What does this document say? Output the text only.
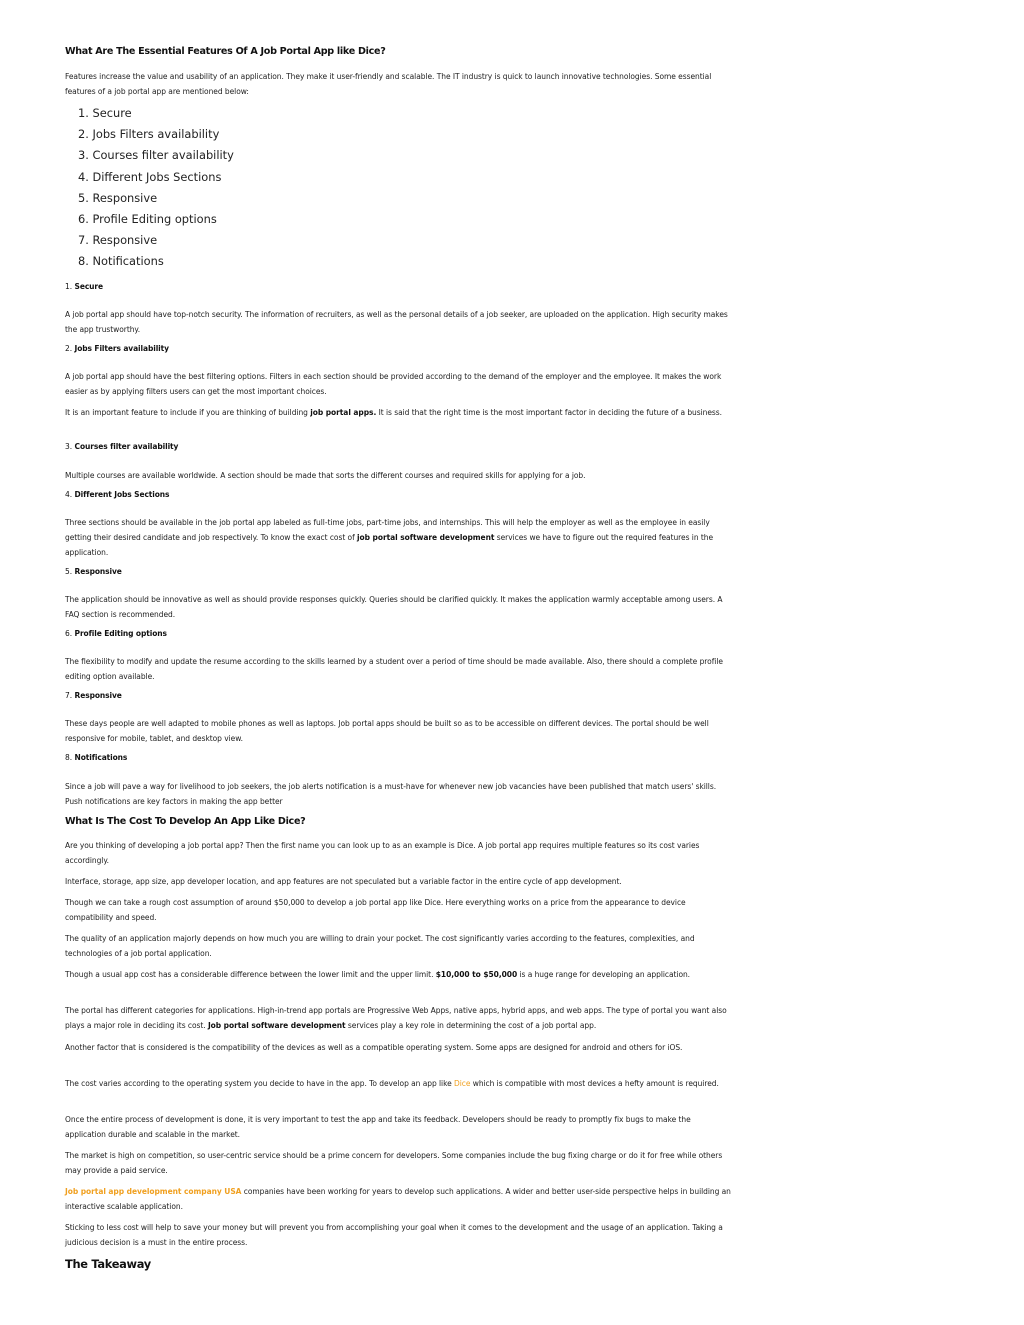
What Are The Essential Features Of A Job Portal App like Dice?

Features increase the value and usability of an application. They make it user-friendly and scalable. The IT industry is quick to launch innovative technologies. Some essential features of a job portal app are mentioned below:

1. Secure
2. Jobs Filters availability
3. Courses filter availability
4. Different Jobs Sections
5. Responsive
6. Profile Editing options
7. Responsive
8. Notifications
1. Secure

A job portal app should have top-notch security. The information of recruiters, as well as the personal details of a job seeker, are uploaded on the application. High security makes the app trustworthy.

2. Jobs Filters availability

A job portal app should have the best filtering options. Filters in each section should be provided according to the demand of the employer and the employee. It makes the work easier as by applying filters users can get the most important choices.

It is an important feature to include if you are thinking of building job portal apps. It is said that the right time is the most important factor in deciding the future of a business.

3. Courses filter availability

Multiple courses are available worldwide. A section should be made that sorts the different courses and required skills for applying for a job.

4. Different Jobs Sections

Three sections should be available in the job portal app labeled as full-time jobs, part-time jobs, and internships. This will help the employer as well as the employee in easily getting their desired candidate and job respectively. To know the exact cost of job portal software development services we have to figure out the required features in the application.

5. Responsive

The application should be innovative as well as should provide responses quickly. Queries should be clarified quickly. It makes the application warmly acceptable among users. A FAQ section is recommended.

6. Profile Editing options

The flexibility to modify and update the resume according to the skills learned by a student over a period of time should be made available. Also, there should a complete profile editing option available.

7. Responsive

These days people are well adapted to mobile phones as well as laptops. Job portal apps should be built so as to be accessible on different devices. The portal should be well responsive for mobile, tablet, and desktop view.

8. Notifications

Since a job will pave a way for livelihood to job seekers, the job alerts notification is a must-have for whenever new job vacancies have been published that match users' skills. Push notifications are key factors in making the app better

What Is The Cost To Develop An App Like Dice?

Are you thinking of developing a job portal app? Then the first name you can look up to as an example is Dice. A job portal app requires multiple features so its cost varies accordingly.

Interface, storage, app size, app developer location, and app features are not speculated but a variable factor in the entire cycle of app development.

Though we can take a rough cost assumption of around $50,000 to develop a job portal app like Dice. Here everything works on a price from the appearance to device compatibility and speed.

The quality of an application majorly depends on how much you are willing to drain your pocket. The cost significantly varies according to the features, complexities, and technologies of a job portal application.

Though a usual app cost has a considerable difference between the lower limit and the upper limit. $10,000 to $50,000 is a huge range for developing an application.

The portal has different categories for applications. High-in-trend app portals are Progressive Web Apps, native apps, hybrid apps, and web apps. The type of portal you want also plays a major role in deciding its cost. Job portal software development services play a key role in determining the cost of a job portal app.

Another factor that is considered is the compatibility of the devices as well as a compatible operating system. Some apps are designed for android and others for iOS.

The cost varies according to the operating system you decide to have in the app. To develop an app like Dice which is compatible with most devices a hefty amount is required.

Once the entire process of development is done, it is very important to test the app and take its feedback. Developers should be ready to promptly fix bugs to make the application durable and scalable in the market.

The market is high on competition, so user-centric service should be a prime concern for developers. Some companies include the bug fixing charge or do it for free while others may provide a paid service.

Job portal app development company USA companies have been working for years to develop such applications. A wider and better user-side perspective helps in building an interactive scalable application.

Sticking to less cost will help to save your money but will prevent you from accomplishing your goal when it comes to the development and the usage of an application. Taking a judicious decision is a must in the entire process.

The Takeaway
